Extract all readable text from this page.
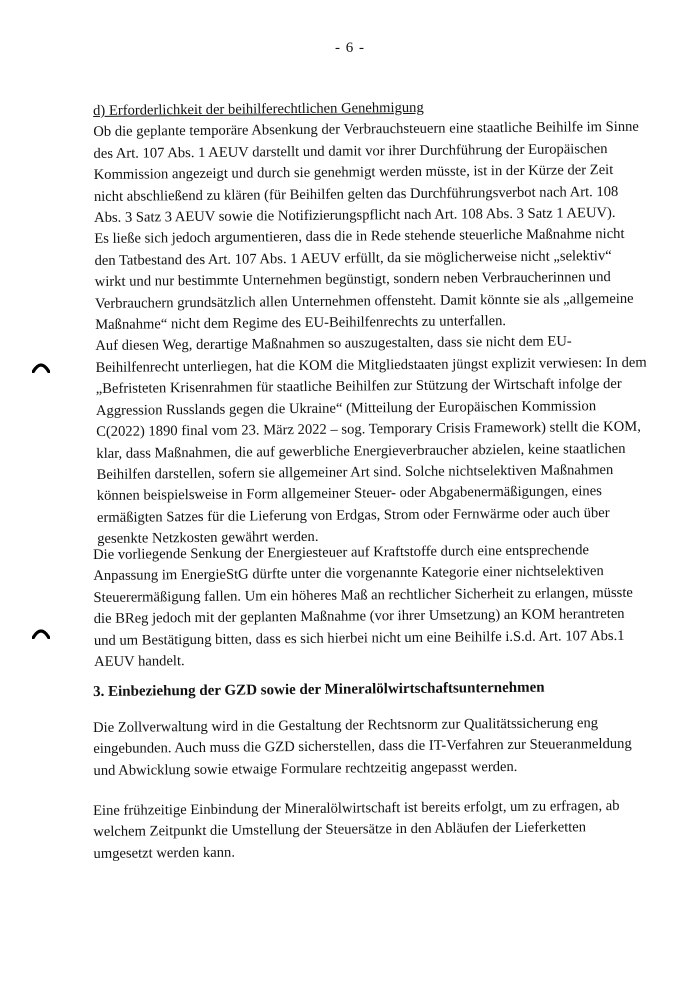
- 6 -

d) Erforderlichkeit der beihilferechtlichen Genehmigung

Ob die geplante temporäre Absenkung der Verbrauchsteuern eine staatliche Beihilfe im Sinne

des Art. 107 Abs. 1 AEUV darstellt und damit vor ihrer Durchführung der Europäischen

Kommission angezeigt und durch sie genehmigt werden müsste, ist in der Kürze der Zeit

nicht abschließend zu klären (für Beihilfen gelten das Durchführungsverbot nach Art. 108

Abs. 3 Satz 3 AEUV sowie die Notifizierungspflicht nach Art. 108 Abs. 3 Satz 1 AEUV).

Es ließe sich jedoch argumentieren, dass die in Rede stehende steuerliche Maßnahme nicht

den Tatbestand des Art. 107 Abs. 1 AEUV erfüllt, da sie möglicherweise nicht „selektiv“

wirkt und nur bestimmte Unternehmen begünstigt, sondern neben Verbraucherinnen und

Verbrauchern grundsätzlich allen Unternehmen offensteht. Damit könnte sie als „allgemeine

Maßnahme“ nicht dem Regime des EU-Beihilfenrechts zu unterfallen.

Auf diesen Weg, derartige Maßnahmen so auszugestalten, dass sie nicht dem EU-

Beihilfenrecht unterliegen, hat die KOM die Mitgliedstaaten jüngst explizit verwiesen: In dem

„Befristeten Krisenrahmen für staatliche Beihilfen zur Stützung der Wirtschaft infolge der

Aggression Russlands gegen die Ukraine“ (Mitteilung der Europäischen Kommission

C(2022) 1890 final vom 23. März 2022 – sog. Temporary Crisis Framework) stellt die KOM,

klar, dass Maßnahmen, die auf gewerbliche Energieverbraucher abzielen, keine staatlichen

Beihilfen darstellen, sofern sie allgemeiner Art sind. Solche nichtselektiven Maßnahmen

können beispielsweise in Form allgemeiner Steuer- oder Abgabenermäßigungen, eines

ermäßigten Satzes für die Lieferung von Erdgas, Strom oder Fernwärme oder auch über

gesenkte Netzkosten gewährt werden.

Die vorliegende Senkung der Energiesteuer auf Kraftstoffe durch eine entsprechende

Anpassung im EnergieStG dürfte unter die vorgenannte Kategorie einer nichtselektiven

Steuerermäßigung fallen. Um ein höheres Maß an rechtlicher Sicherheit zu erlangen, müsste

die BReg jedoch mit der geplanten Maßnahme (vor ihrer Umsetzung) an KOM herantreten

und um Bestätigung bitten, dass es sich hierbei nicht um eine Beihilfe i.S.d. Art. 107 Abs.1

AEUV handelt.

3. Einbeziehung der GZD sowie der Mineralölwirtschaftsunternehmen

Die Zollverwaltung wird in die Gestaltung der Rechtsnorm zur Qualitätssicherung eng

eingebunden. Auch muss die GZD sicherstellen, dass die IT-Verfahren zur Steueranmeldung

und Abwicklung sowie etwaige Formulare rechtzeitig angepasst werden.

Eine frühzeitige Einbindung der Mineralölwirtschaft ist bereits erfolgt, um zu erfragen, ab

welchem Zeitpunkt die Umstellung der Steuersätze in den Abläufen der Lieferketten

umgesetzt werden kann.
